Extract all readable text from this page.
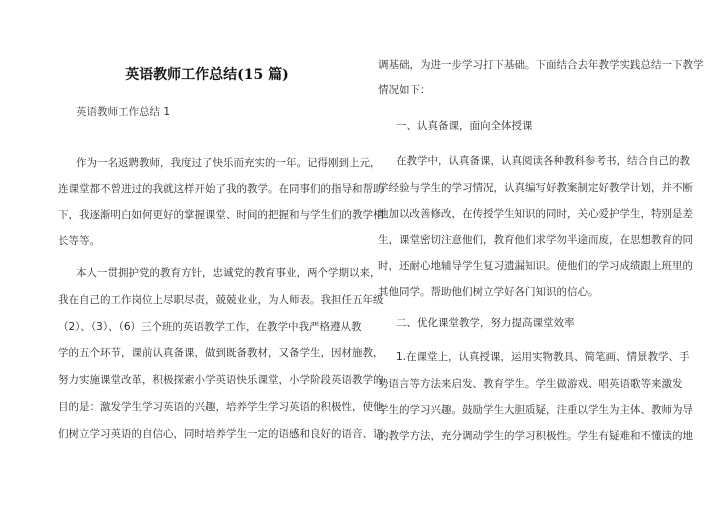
英语教师工作总结(15 篇)
英语教师工作总结 1
作为一名返聘教师，我度过了快乐而充实的一年。记得刚到上元，
连课堂都不曾进过的我就这样开始了我的教学。在同事们的指导和帮助
下，我逐渐明白如何更好的掌握课堂、时间的把握和与学生们的教学相
长等等。
本人一贯拥护党的教育方针，忠诚党的教育事业，两个学期以来，
我在自己的工作岗位上尽职尽责，兢兢业业，为人师表。我担任五年级
（2）、（3）、（6）三个班的英语教学工作，在教学中我严格遵从教
学的五个环节，课前认真备课，做到既备教材，又备学生，因材施教，
努力实施课堂改革，积极探索小学英语快乐课堂，小学阶段英语教学的
目的是：激发学生学习英语的兴趣，培养学生学习英语的积极性，使他
们树立学习英语的自信心，同时培养学生一定的语感和良好的语音、语
调基础，为进一步学习打下基础。下面结合去年教学实践总结一下教学
情况如下：
一、认真备课，面向全体授课
在教学中，认真备课，认真阅读各种教科参考书，结合自己的教
学经验与学生的学习情况，认真编写好教案制定好教学计划，并不断
地加以改善修改，在传授学生知识的同时，关心爱护学生，特别是差
生，课堂密切注意他们，教育他们求学勿半途而废，在思想教育的同
时，还耐心地辅导学生复习遗漏知识。使他们的学习成绩跟上班里的
其他同学。帮助他们树立学好各门知识的信心。
二、优化课堂教学，努力提高课堂效率
1.在课堂上，认真授课，运用实物教具、简笔画、情景教学、手
势语言等方法来启发、教育学生。学生做游戏、唱英语歌等来激发
学生的学习兴趣。鼓励学生大胆质疑，注重以学生为主体、教师为导
的教学方法，充分调动学生的学习积极性。学生有疑难和不懂读的地
